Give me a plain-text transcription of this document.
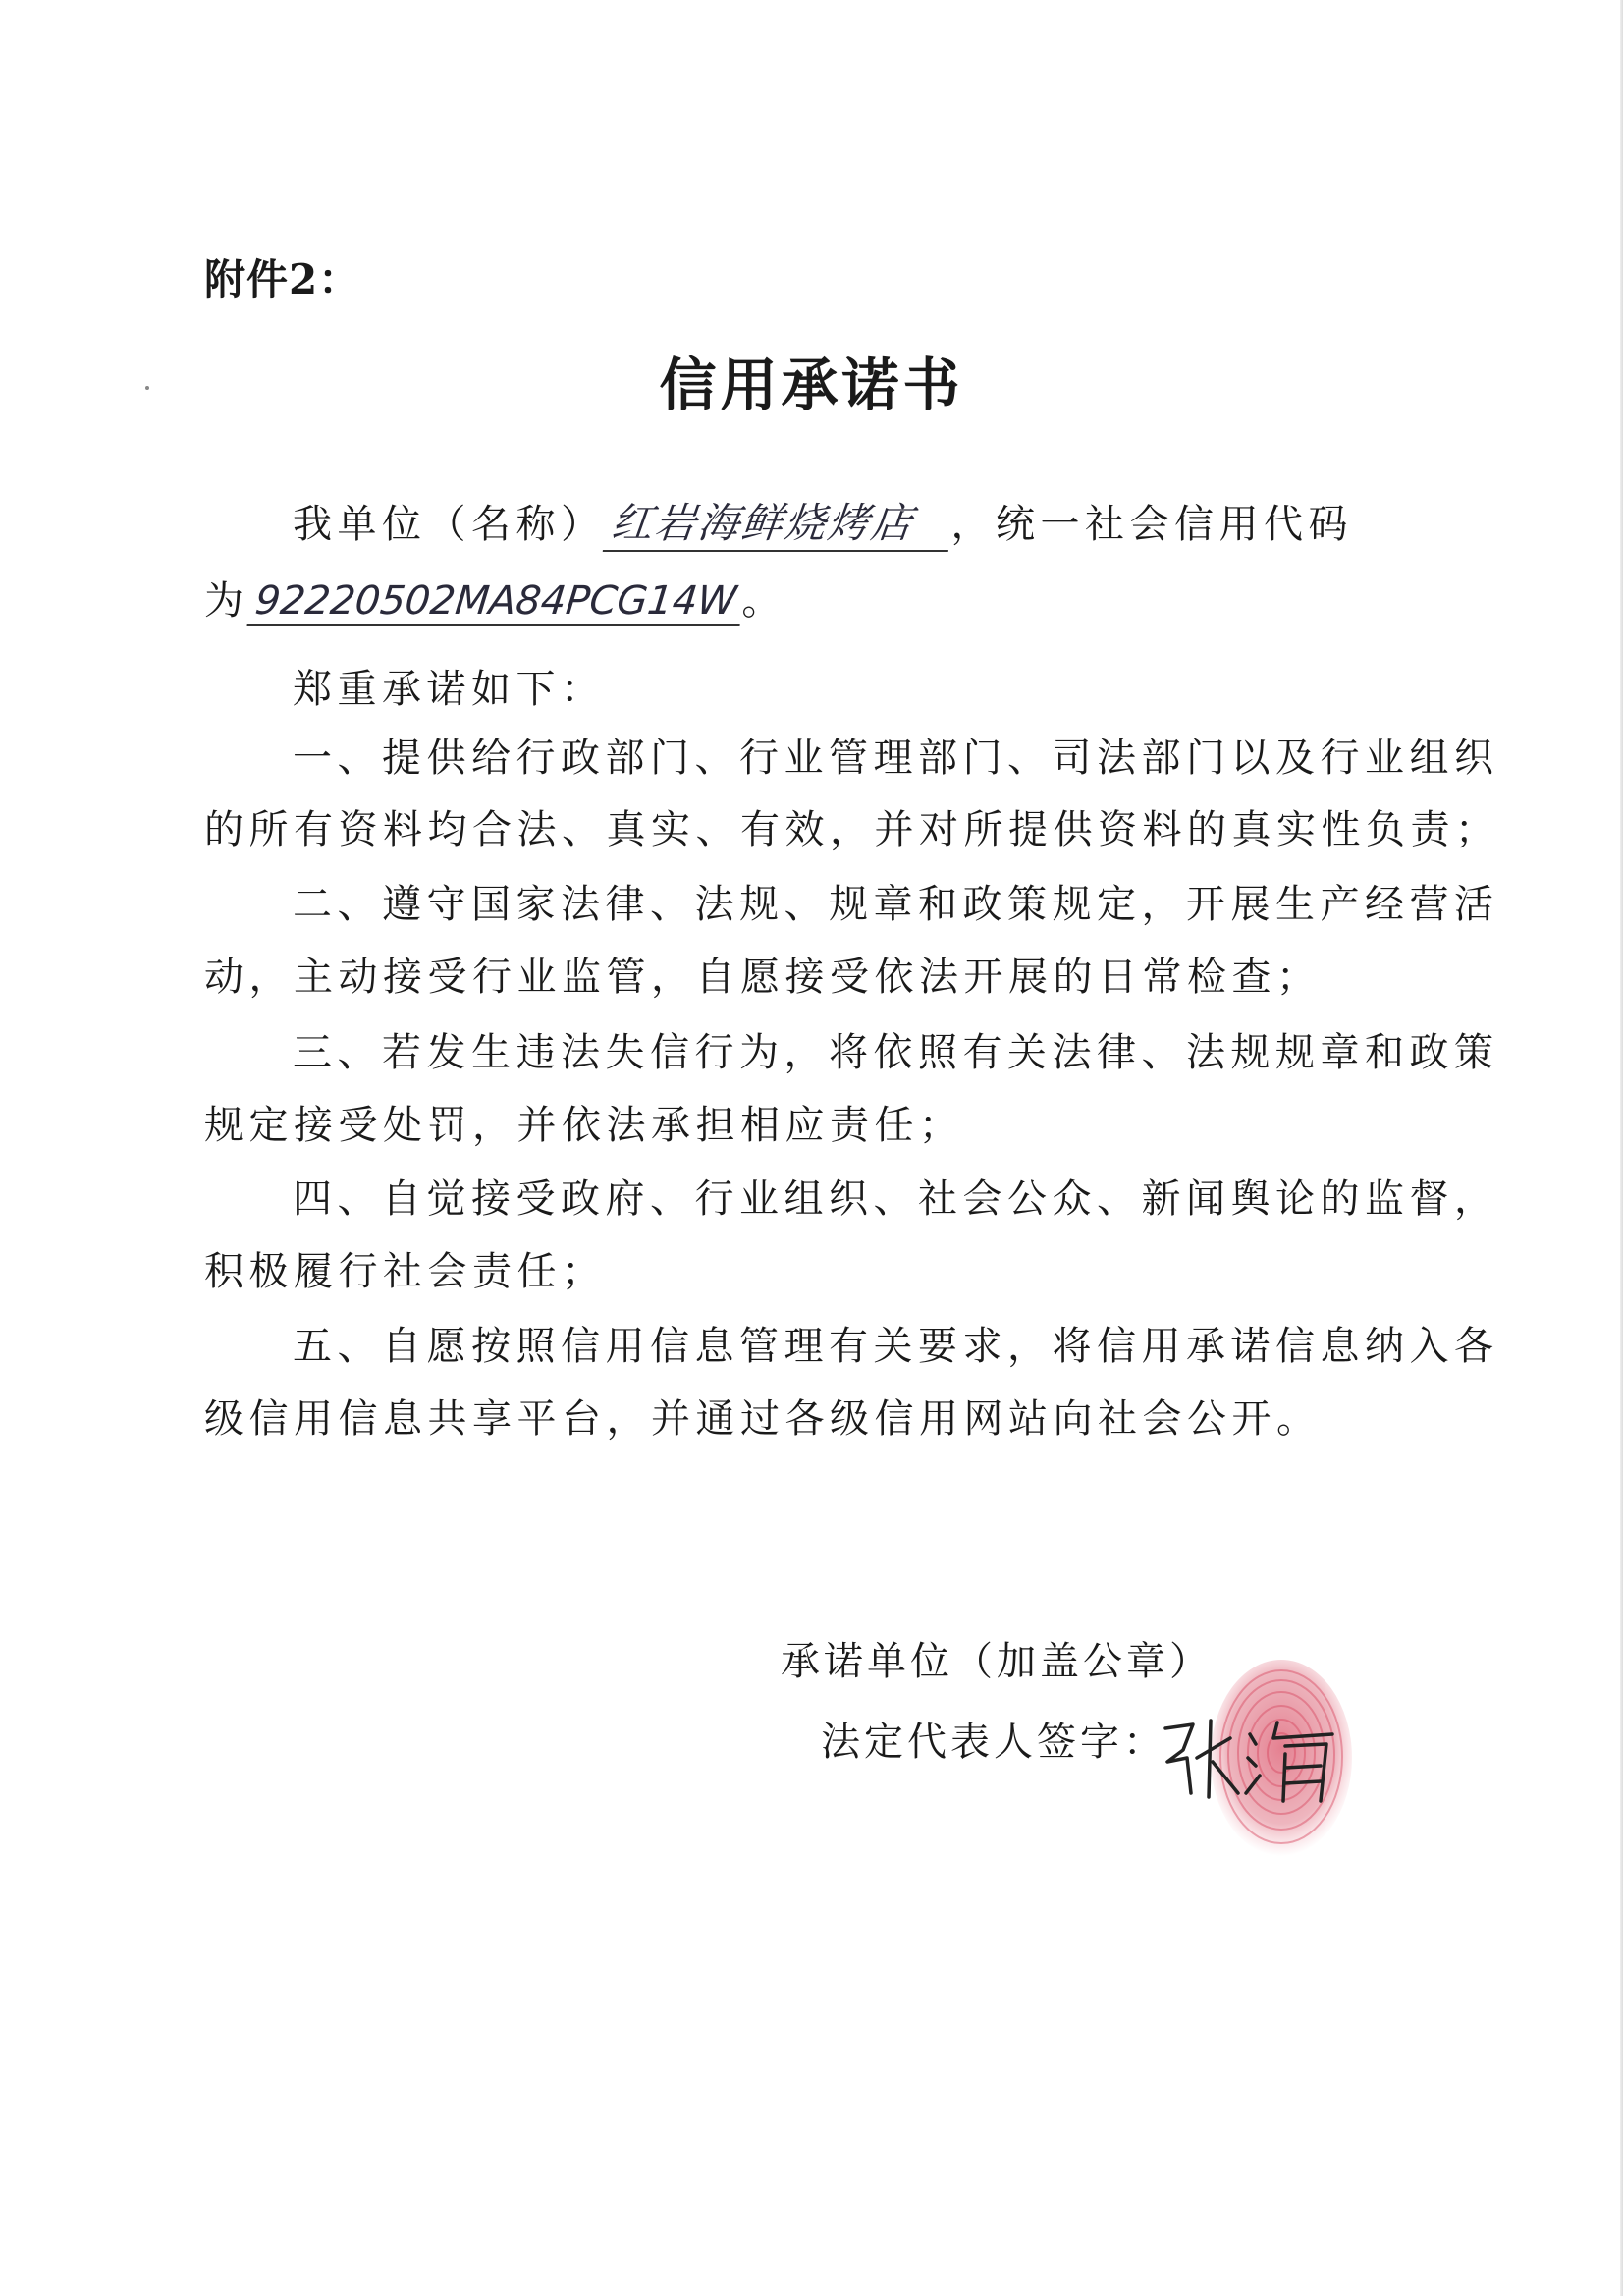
附件2：
信用承诺书
我单位（名称）红岩海鲜烧烤店 ，统一社会信用代码
为92220502MA84PCG14W。
郑重承诺如下：
一、提供给行政部门、行业管理部门、司法部门以及行业组织
的所有资料均合法、真实、有效，并对所提供资料的真实性负责；
二、遵守国家法律、法规、规章和政策规定，开展生产经营活
动，主动接受行业监管，自愿接受依法开展的日常检查；
三、若发生违法失信行为，将依照有关法律、法规规章和政策
规定接受处罚，并依法承担相应责任；
四、自觉接受政府、行业组织、社会公众、新闻舆论的监督，
积极履行社会责任；
五、自愿按照信用信息管理有关要求，将信用承诺信息纳入各
级信用信息共享平台，并通过各级信用网站向社会公开。
承诺单位（加盖公章）
法定代表人签字：
